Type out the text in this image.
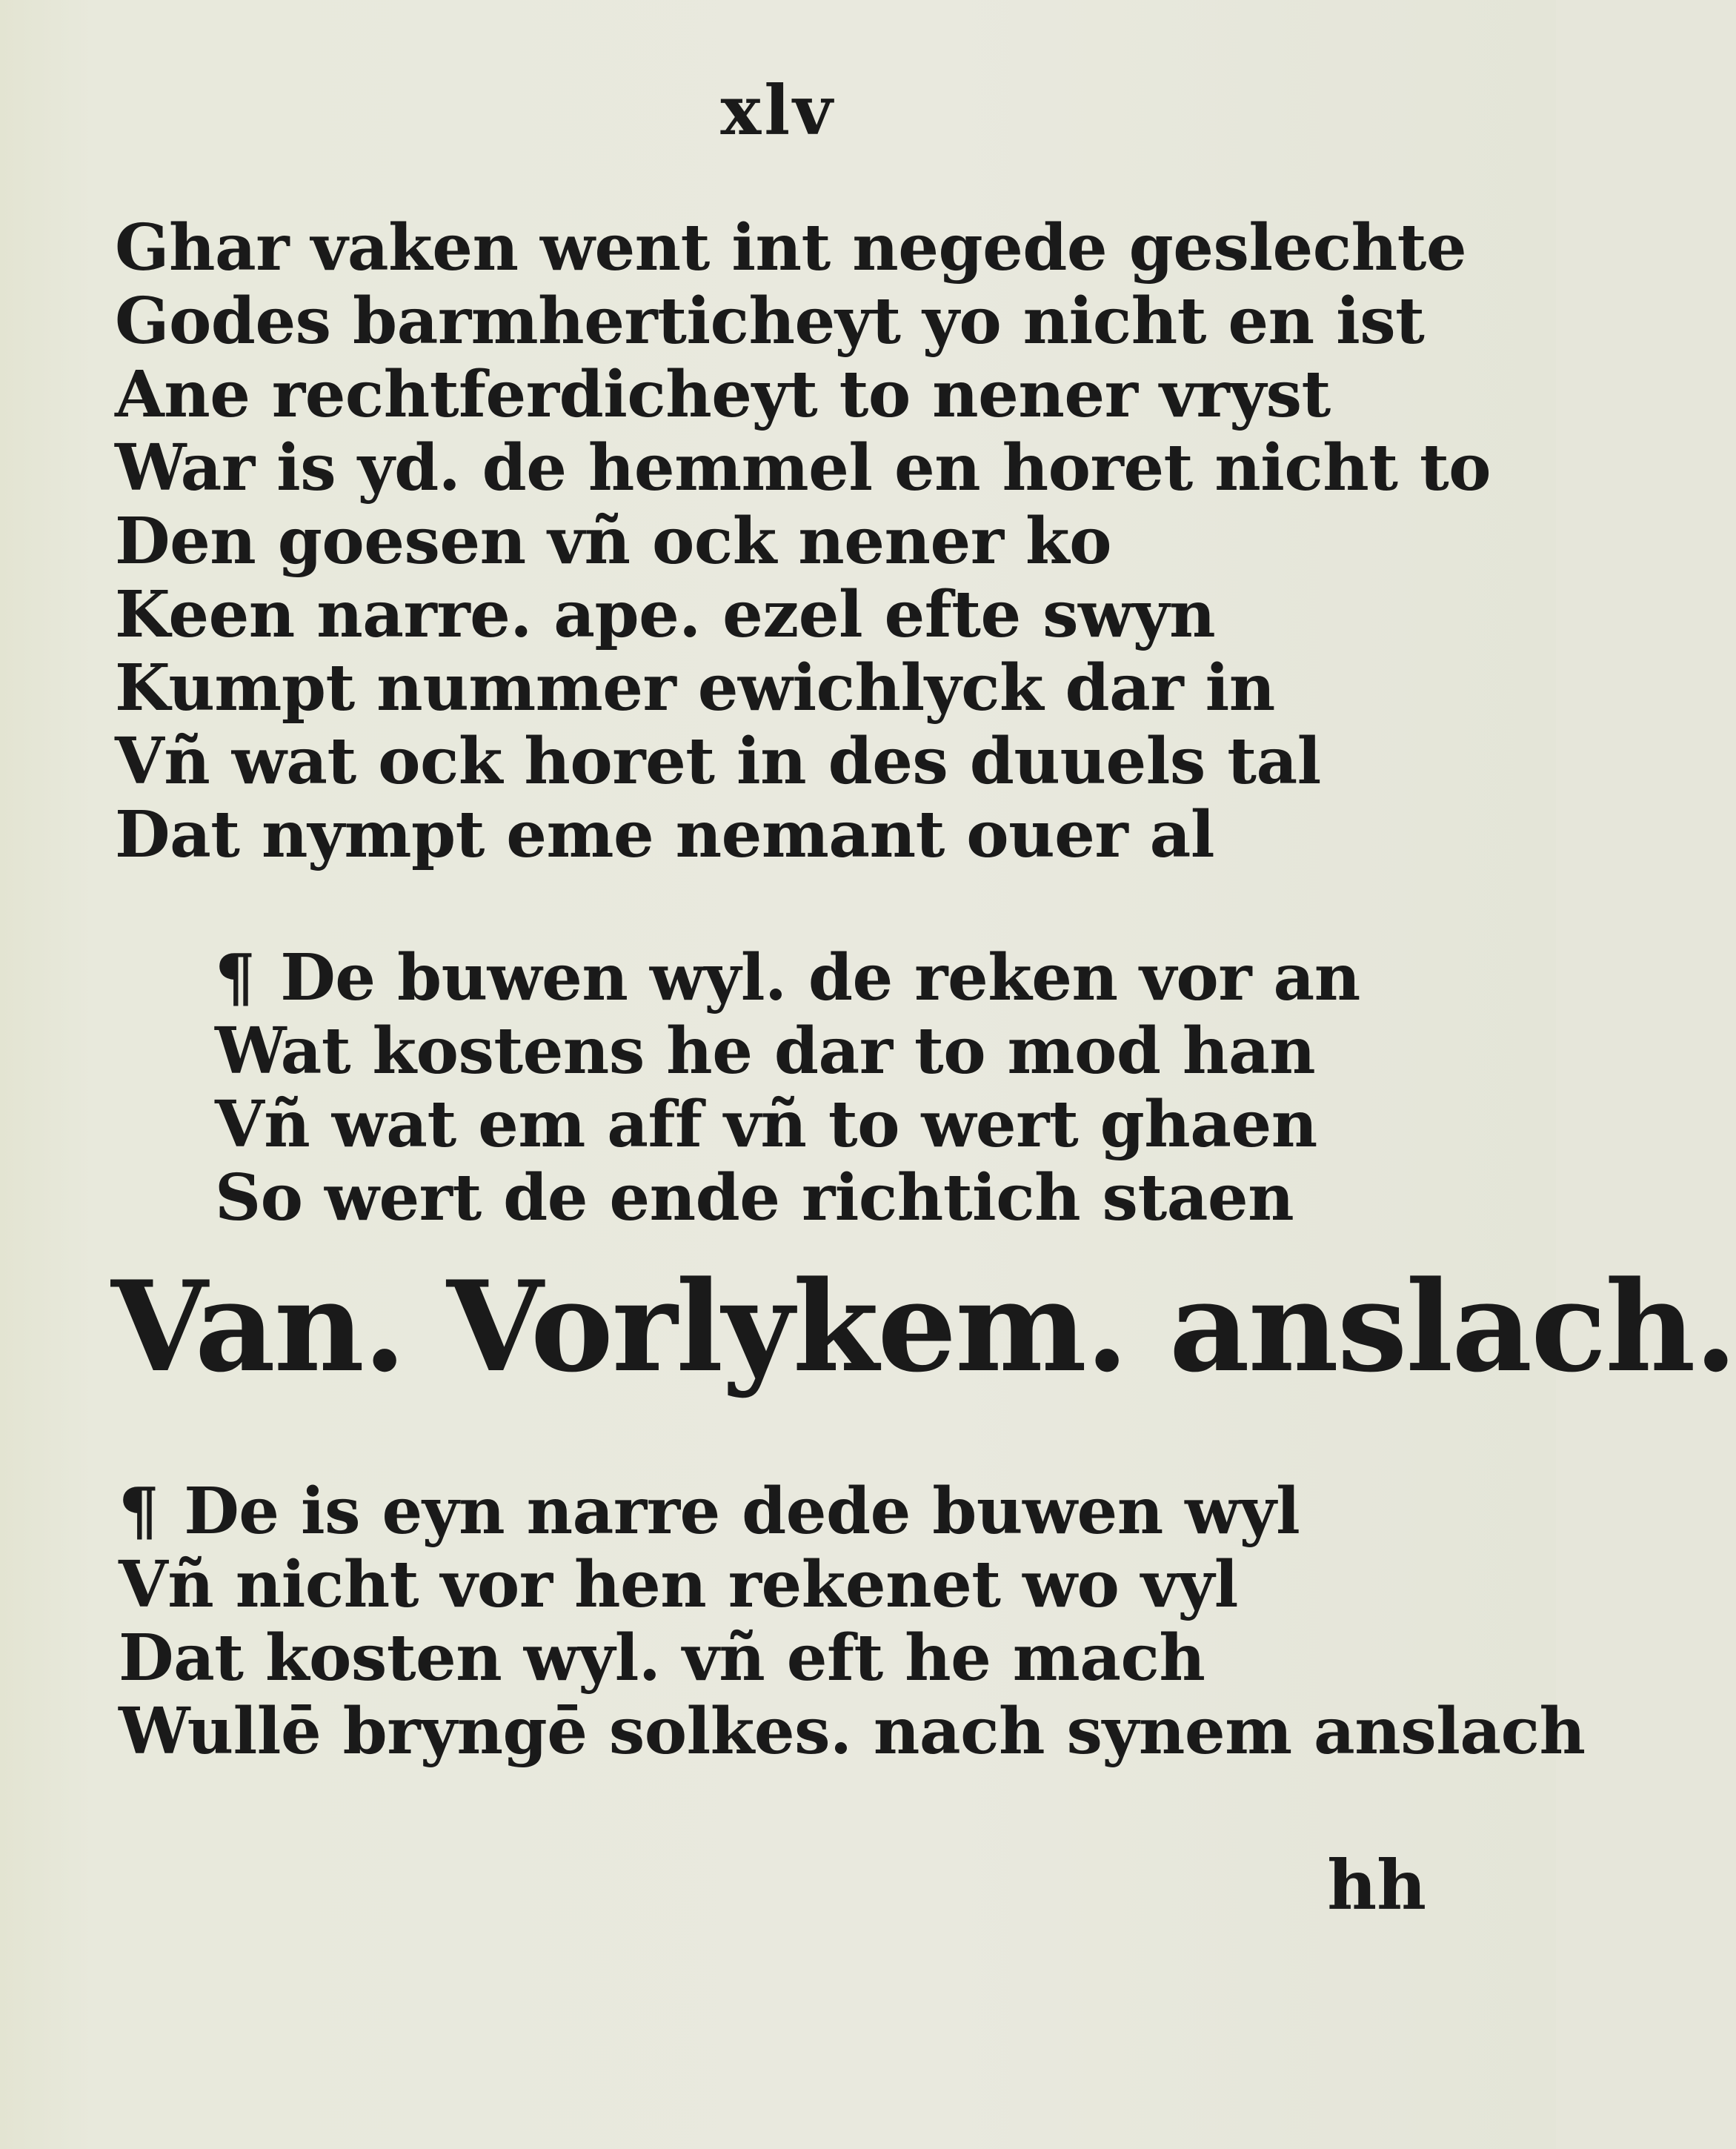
xlv
Ghar vaken went int negede geslechte
Godes barmherticheyt yo nicht en ist
Ane rechtferdicheyt to nener vryst
War is yd. de hemmel en horet nicht to
Den goesen vñ ock nener ko
Keen narre. ape. ezel efte swyn
Kumpt nummer ewichlyck dar in
Vñ wat ock horet in des duuels tal
Dat nympt eme nemant ouer al
¶ De buwen wyl. de reken vor an
Wat kostens he dar to mod han
Vñ wat em aff vñ to wert ghaen
So wert de ende richtich staen
Van. Vorlykem. anslach.
¶ De is eyn narre dede buwen wyl
Vñ nicht vor hen rekenet wo vyl
Dat kosten wyl. vñ eft he mach
Wullē bryngē solkes. nach synem anslach
hh
